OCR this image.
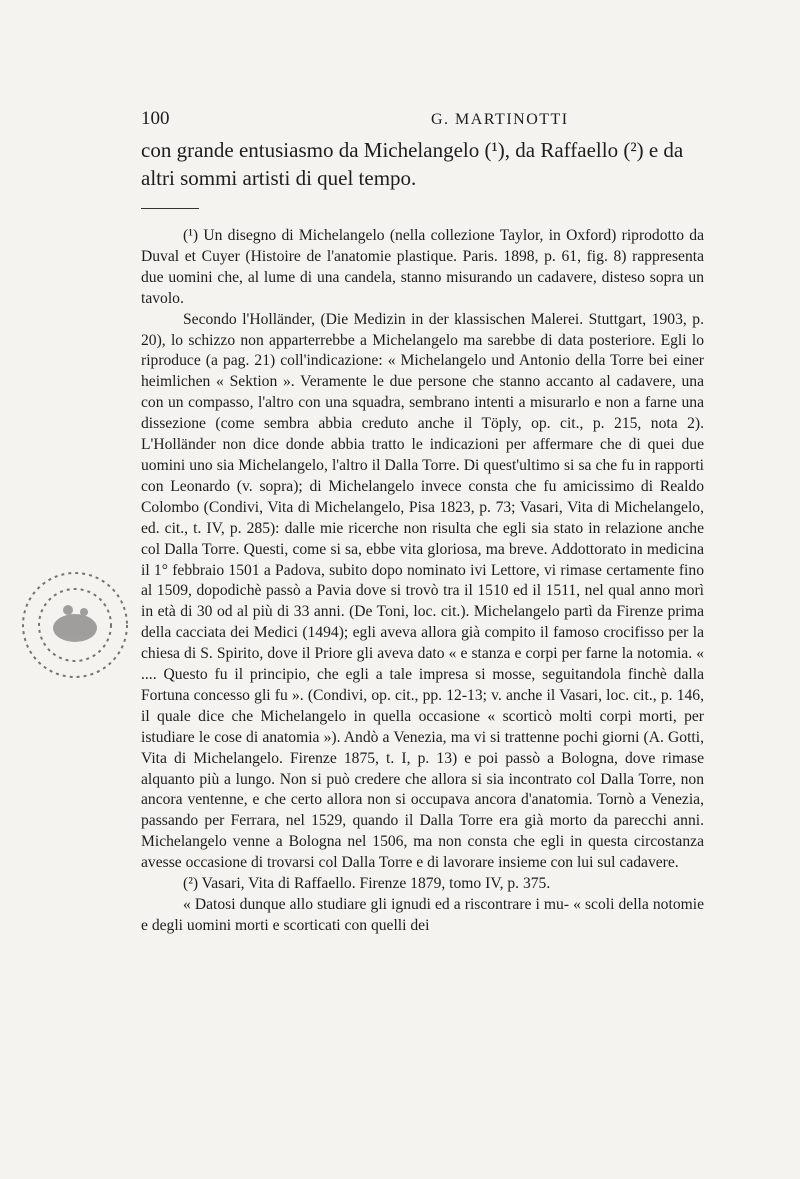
100	G. MARTINOTTI

con grande entusiasmo da Michelangelo (¹), da Raffaello (²) e da altri sommi artisti di quel tempo.

(¹) Un disegno di Michelangelo (nella collezione Taylor, in Oxford) riprodotto da Duval et Cuyer (Histoire de l'anatomie plastique. Paris. 1898, p. 61, fig. 8) rappresenta due uomini che, al lume di una candela, stanno misurando un cadavere, disteso sopra un tavolo.

Secondo l'Holländer, (Die Medizin in der klassischen Malerei. Stuttgart, 1903, p. 20), lo schizzo non apparterrebbe a Michelangelo ma sarebbe di data posteriore. Egli lo riproduce (a pag. 21) coll'indicazione: « Michelangelo und Antonio della Torre bei einer heimlichen « Sektion ». Veramente le due persone che stanno accanto al cadavere, una con un compasso, l'altro con una squadra, sembrano intenti a misurarlo e non a farne una dissezione (come sembra abbia creduto anche il Töply, op. cit., p. 215, nota 2). L'Holländer non dice donde abbia tratto le indicazioni per affermare che di quei due uomini uno sia Michelangelo, l'altro il Dalla Torre. Di quest'ultimo si sa che fu in rapporti con Leonardo (v. sopra); di Michelangelo invece consta che fu amicissimo di Realdo Colombo (Condivi, Vita di Michelangelo, Pisa 1823, p. 73; Vasari, Vita di Michelangelo, ed. cit., t. IV, p. 285): dalle mie ricerche non risulta che egli sia stato in relazione anche col Dalla Torre. Questi, come si sa, ebbe vita gloriosa, ma breve. Addottorato in medicina il 1° febbraio 1501 a Padova, subito dopo nominato ivi Lettore, vi rimase certamente fino al 1509, dopodichè passò a Pavia dove si trovò tra il 1510 ed il 1511, nel qual anno morì in età di 30 od al più di 33 anni. (De Toni, loc. cit.). Michelangelo partì da Firenze prima della cacciata dei Medici (1494); egli aveva allora già compito il famoso crocifisso per la chiesa di S. Spirito, dove il Priore gli aveva dato « e stanza e corpi per farne la notomia. « .... Questo fu il principio, che egli a tale impresa si mosse, seguitandola finchè dalla Fortuna concesso gli fu ». (Condivi, op. cit., pp. 12-13; v. anche il Vasari, loc. cit., p. 146, il quale dice che Michelangelo in quella occasione « scorticò molti corpi morti, per istudiare le cose di anatomia »). Andò a Venezia, ma vi si trattenne pochi giorni (A. Gotti, Vita di Michelangelo. Firenze 1875, t. I, p. 13) e poi passò a Bologna, dove rimase alquanto più a lungo. Non si può credere che allora si sia incontrato col Dalla Torre, non ancora ventenne, e che certo allora non si occupava ancora d'anatomia. Tornò a Venezia, passando per Ferrara, nel 1529, quando il Dalla Torre era già morto da parecchi anni. Michelangelo venne a Bologna nel 1506, ma non consta che egli in questa circostanza avesse occasione di trovarsi col Dalla Torre e di lavorare insieme con lui sul cadavere.

(²) Vasari, Vita di Raffaello. Firenze 1879, tomo IV, p. 375.

« Datosi dunque allo studiare gli ignudi ed a riscontrare i mu- « scoli della notomie e degli uomini morti e scorticati con quelli dei
